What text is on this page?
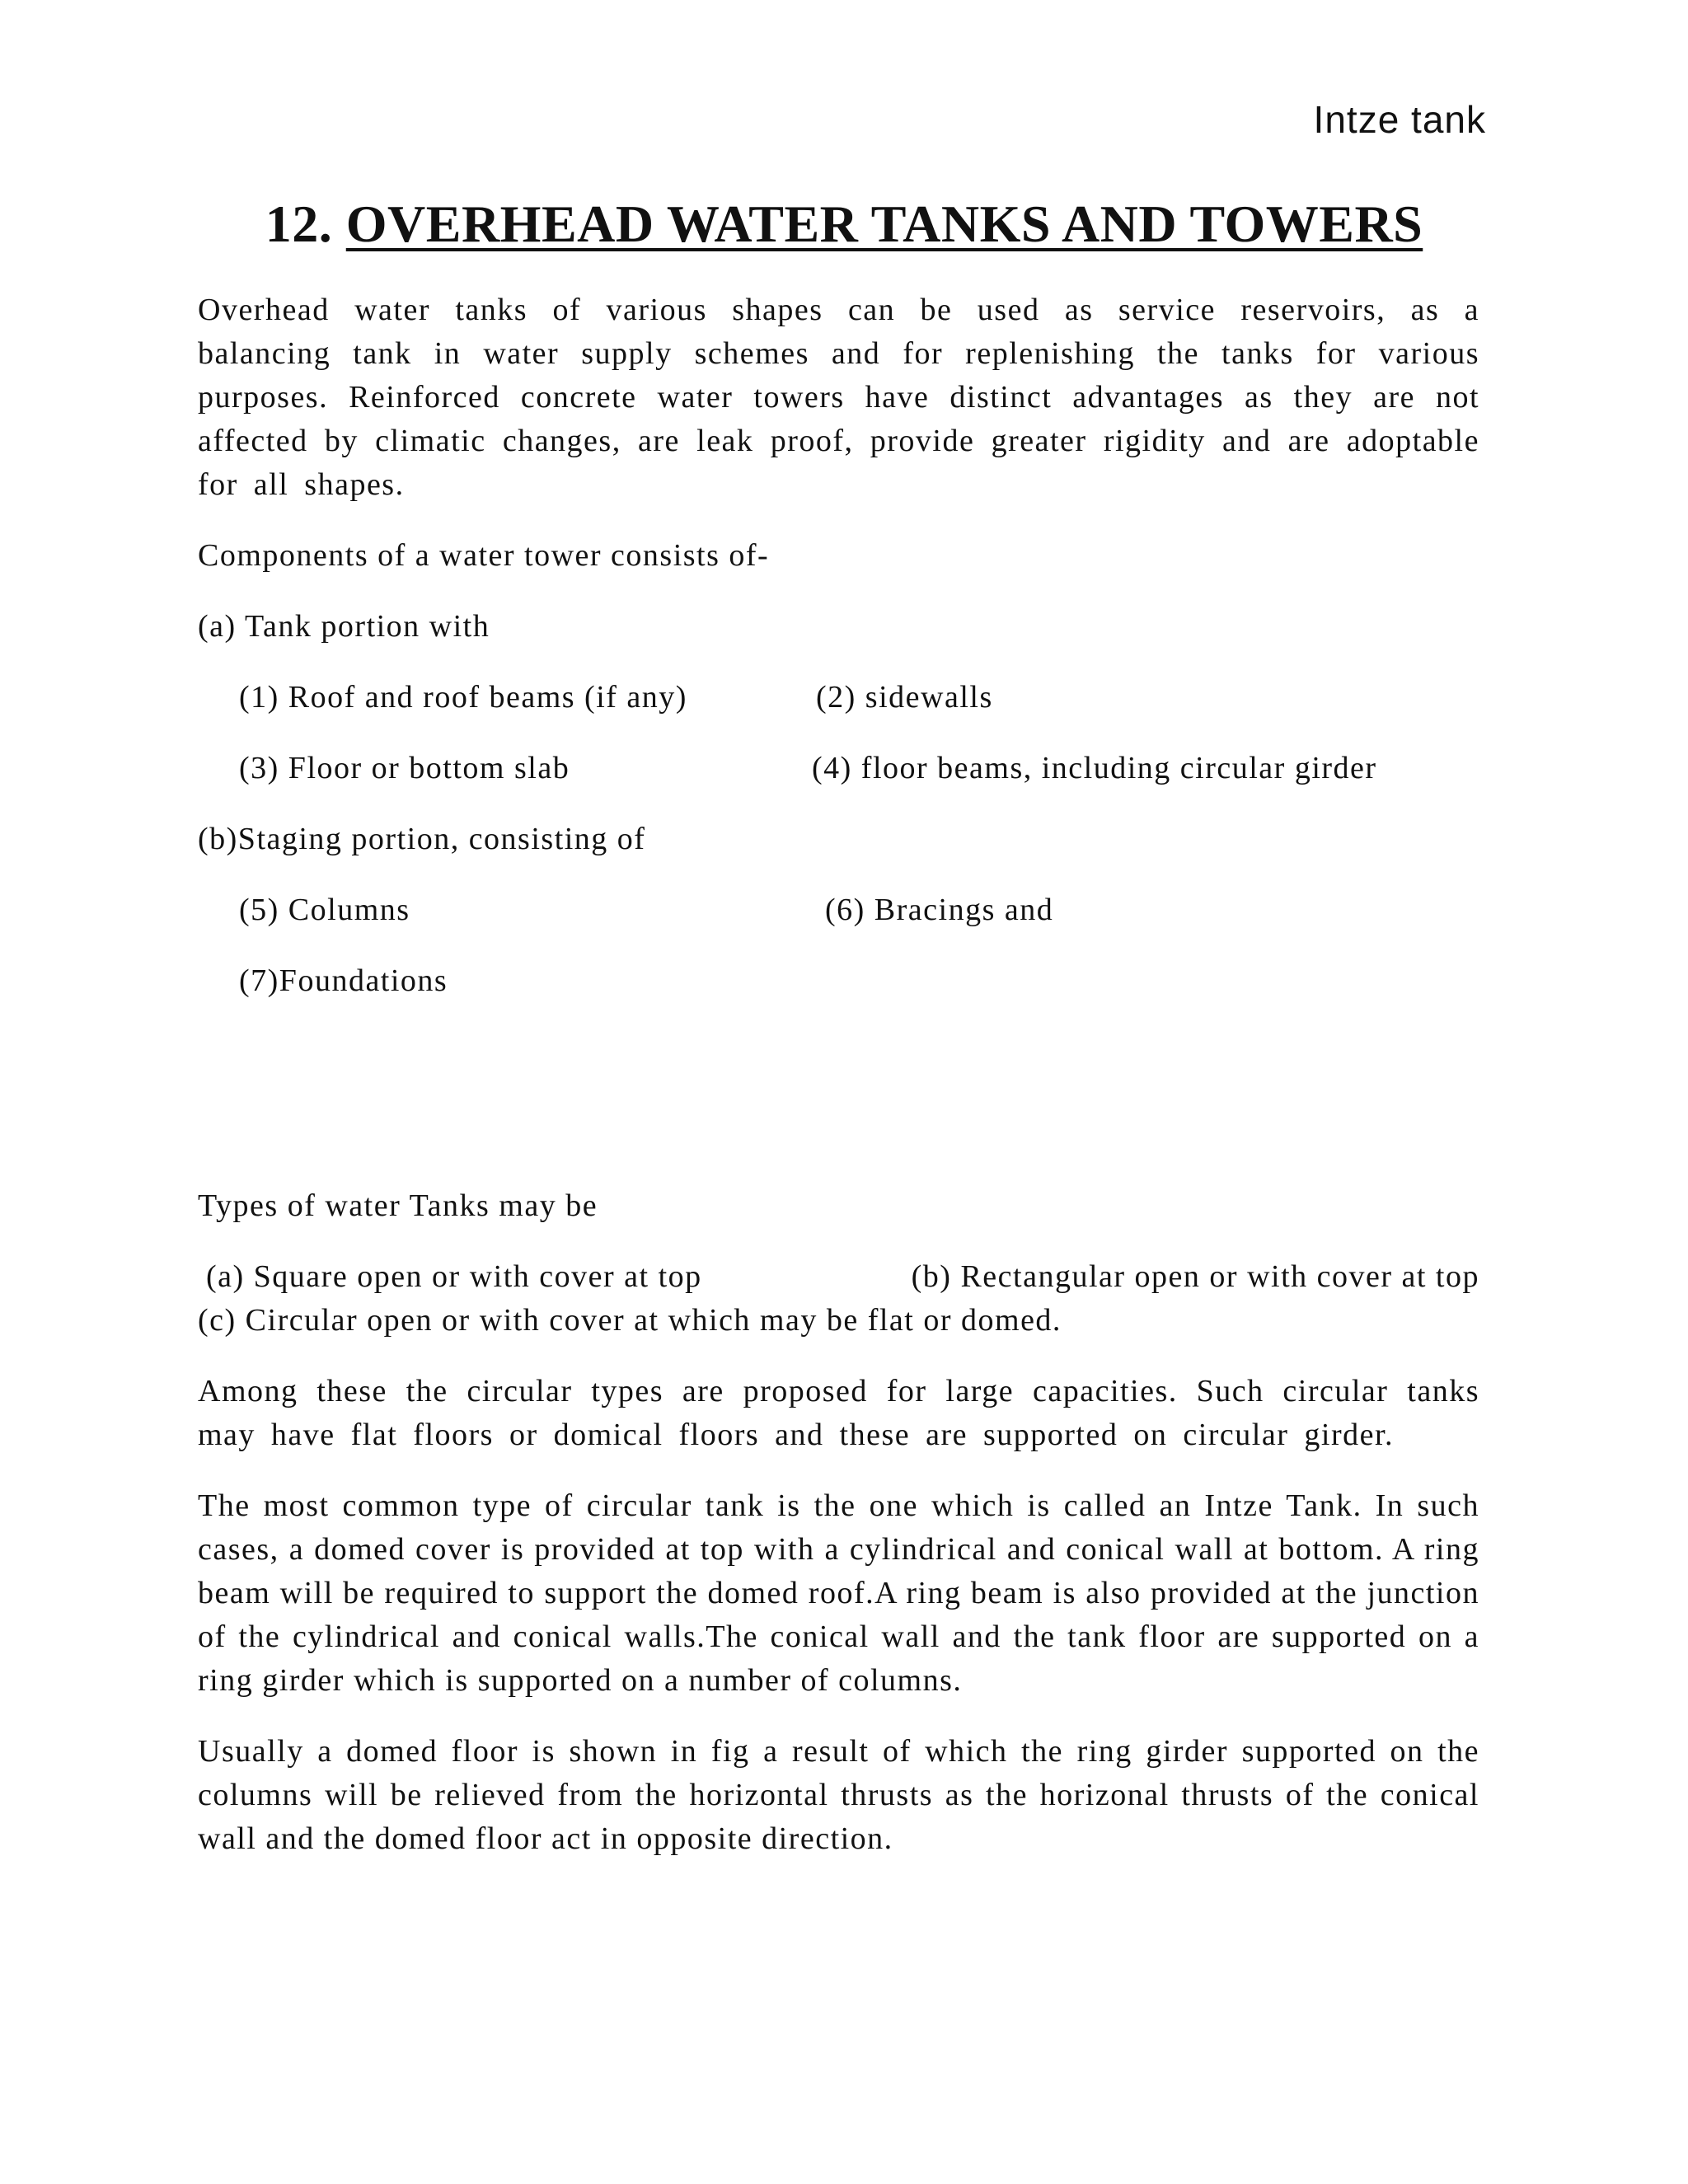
Intze tank
12. OVERHEAD WATER TANKS AND TOWERS

Overhead water tanks of various shapes can be used as service reservoirs, as a balancing tank in water supply schemes and for replenishing the tanks for various purposes. Reinforced concrete water towers have distinct advantages as they are not affected by climatic changes, are leak proof, provide greater rigidity and are adoptable for all shapes.

Components of a water tower consists of-

(a) Tank portion with

(1) Roof and roof beams (if any)	(2) sidewalls
(3) Floor or bottom slab	(4) floor beams, including circular girder

(b)Staging portion, consisting of

(5) Columns	(6) Bracings and

(7)Foundations

Types of water Tanks may be

(a) Square open or with cover at top	(b) Rectangular open or with cover at top

(c) Circular open or with cover at which may be flat or domed.

Among these the circular types are proposed for large capacities. Such circular tanks may have flat floors or domical floors and these are supported on circular girder.

The most common type of circular tank is the one which is called an Intze Tank. In such cases, a domed cover is provided at top with a cylindrical and conical wall at bottom. A ring beam will be required to support the domed roof.A ring beam is also provided at the junction of the cylindrical and conical walls.The conical wall and the tank floor are supported on a ring girder which is supported on a number of columns.

Usually a domed floor is shown in fig a result of which the ring girder supported on the columns will be relieved from the horizontal thrusts as the horizonal thrusts of the conical wall and the domed floor act in opposite direction.
